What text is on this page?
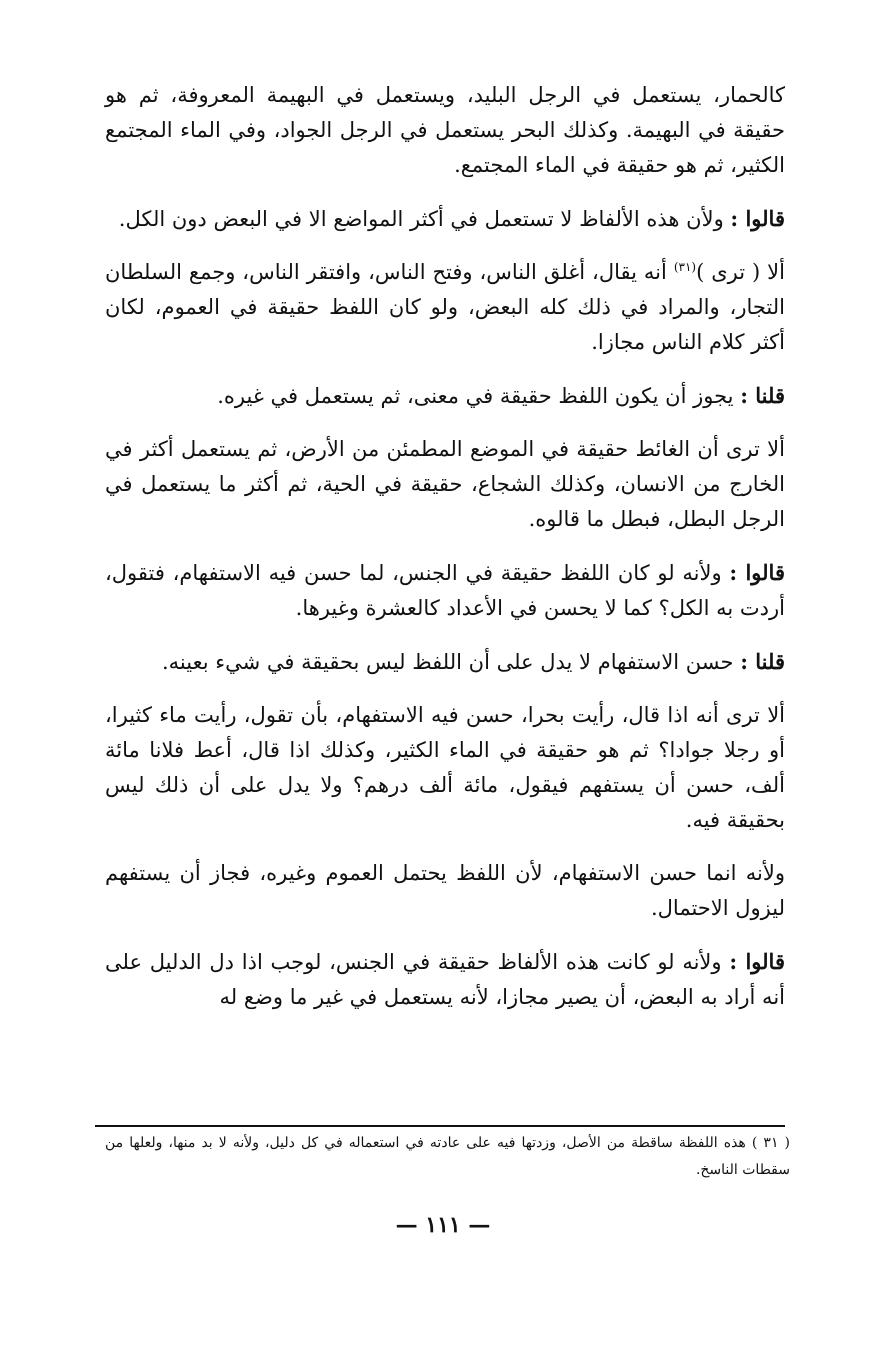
كالحمار، يستعمل في الرجل البليد، ويستعمل في البهيمة المعروفة، ثم هو حقيقة في البهيمة. وكذلك البحر يستعمل في الرجل الجواد، وفي الماء المجتمع الكثير، ثم هو حقيقة في الماء المجتمع.

قالوا : ولأن هذه الألفاظ لا تستعمل في أكثر المواضع الا في البعض دون الكل.

ألا ( ترى )$^{(٣١)}$ أنه يقال، أغلق الناس، وفتح الناس، وافتقر الناس، وجمع السلطان التجار، والمراد في ذلك كله البعض، ولو كان اللفظ حقيقة في العموم، لكان أكثر كلام الناس مجازا.

قلنا : يجوز أن يكون اللفظ حقيقة في معنى، ثم يستعمل في غيره.

ألا ترى أن الغائط حقيقة في الموضع المطمئن من الأرض، ثم يستعمل أكثر في الخارج من الانسان، وكذلك الشجاع، حقيقة في الحية، ثم أكثر ما يستعمل في الرجل البطل، فبطل ما قالوه.

قالوا : ولأنه لو كان اللفظ حقيقة في الجنس، لما حسن فيه الاستفهام، فتقول، أردت به الكل؟ كما لا يحسن في الأعداد كالعشرة وغيرها.

قلنا : حسن الاستفهام لا يدل على أن اللفظ ليس بحقيقة في شيء بعينه.

ألا ترى أنه اذا قال، رأيت بحرا، حسن فيه الاستفهام، بأن تقول، رأيت ماء كثيرا، أو رجلا جوادا؟ ثم هو حقيقة في الماء الكثير، وكذلك اذا قال، أعط فلانا مائة ألف، حسن أن يستفهم فيقول، مائة ألف درهم؟ ولا يدل على أن ذلك ليس بحقيقة فيه.

ولأنه انما حسن الاستفهام، لأن اللفظ يحتمل العموم وغيره، فجاز أن يستفهم ليزول الاحتمال.

قالوا : ولأنه لو كانت هذه الألفاظ حقيقة في الجنس، لوجب اذا دل الدليل على أنه أراد به البعض، أن يصير مجازا، لأنه يستعمل في غير ما وضع له

( ٣١ ) هذه اللفظة ساقطة من الأصل، وزدتها فيه على عادته في استعماله في كل دليل، ولأنه لا بد منها، ولعلها من سقطات الناسخ.
— ١١١ —
